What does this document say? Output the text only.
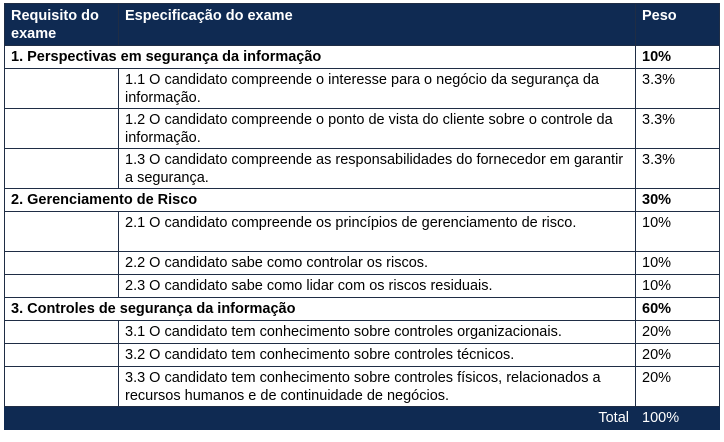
Requisito do exame	Especificação do exame	Peso
1. Perspectivas em segurança da informação		10%
	1.1 O candidato compreende o interesse para o negócio da segurança da informação.	3.3%
	1.2 O candidato compreende o ponto de vista do cliente sobre o controle da informação.	3.3%
	1.3 O candidato compreende as responsabilidades do fornecedor em garantir a segurança.	3.3%
2. Gerenciamento de Risco		30%
	2.1 O candidato compreende os princípios de gerenciamento de risco.	10%
	2.2 O candidato sabe como controlar os riscos.	10%
	2.3 O candidato sabe como lidar com os riscos residuais.	10%
3. Controles de segurança da informação		60%
	3.1 O candidato tem conhecimento sobre controles organizacionais.	20%
	3.2 O candidato tem conhecimento sobre controles técnicos.	20%
	3.3 O candidato tem conhecimento sobre controles físicos, relacionados a recursos humanos e de continuidade de negócios.	20%
Total		100%
